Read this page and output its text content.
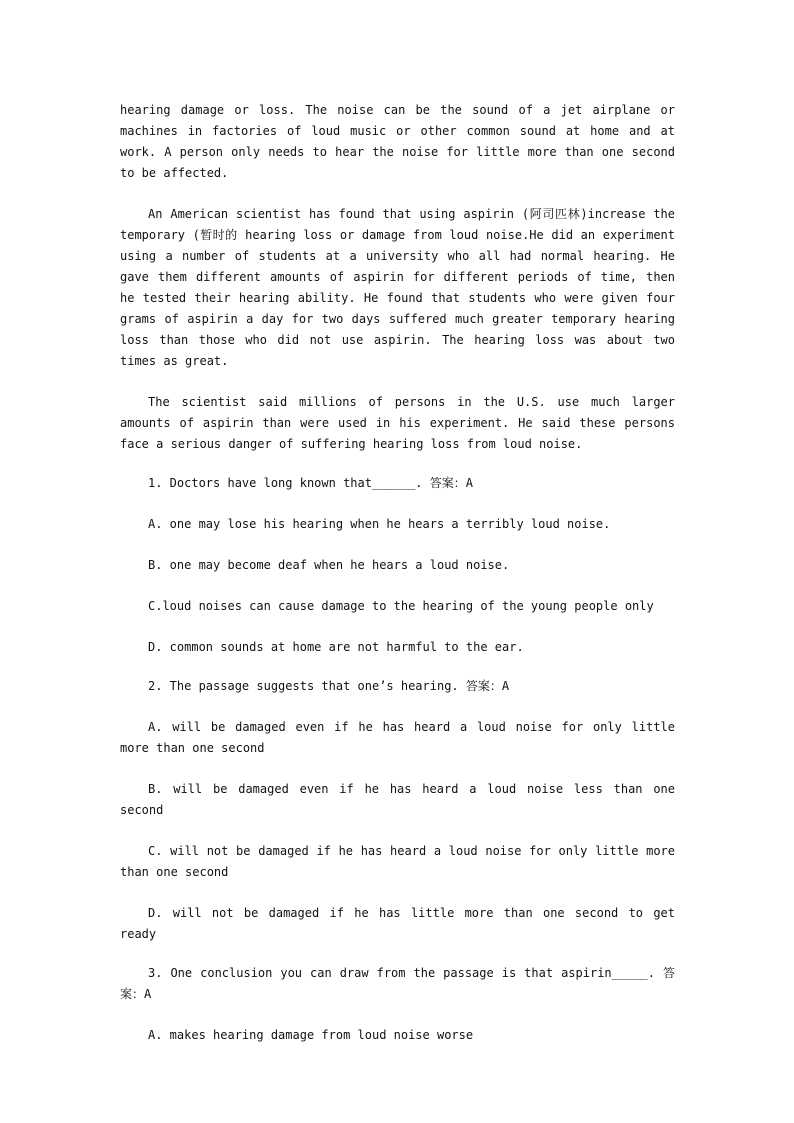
hearing damage or loss. The noise can be the sound of a jet airplane or machines in factories of loud music or other common sound at home and at work. A person only needs to hear the noise for little more than one second to be affected.

An American scientist has found that using aspirin (阿司匹林)increase the temporary (暂时的 hearing loss or damage from loud noise.He did an experiment using a number of students at a university who all had normal hearing. He gave them different amounts of aspirin for different periods of time, then he tested their hearing ability. He found that students who were given four grams of aspirin a day for two days suffered much greater temporary hearing loss than those who did not use aspirin. The hearing loss was about two times as great.

The scientist said millions of persons in the U.S. use much larger amounts of aspirin than were used in his experiment. He said these persons face a serious danger of suffering hearing loss from loud noise.

1. Doctors have long known that______. 答案：A

A. one may lose his hearing when he hears a terribly loud noise.

B. one may become deaf when he hears a loud noise.

C.loud noises can cause damage to the hearing of the young people only

D. common sounds at home are not harmful to the ear.

2. The passage suggests that one’s hearing. 答案：A

A. will be damaged even if he has heard a loud noise for only little more than one second

B. will be damaged even if he has heard a loud noise less than one second

C. will not be damaged if he has heard a loud noise for only little more than one second

D. will not be damaged if he has little more than one second to get ready

3. One conclusion you can draw from the passage is that aspirin_____. 答案：A

A. makes hearing damage from loud noise worse
